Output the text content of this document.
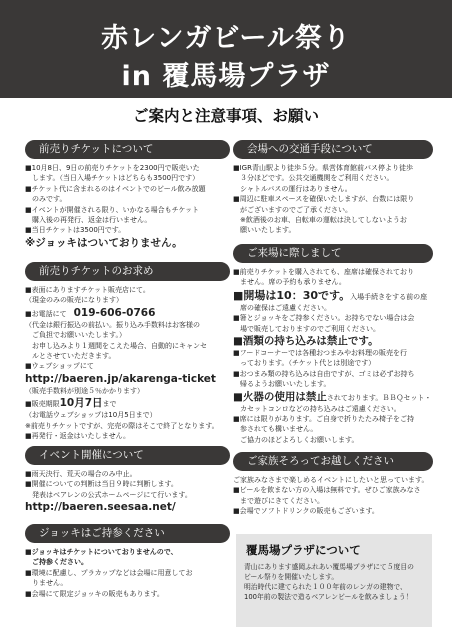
赤レンガビール祭り
in 覆馬場プラザ
ご案内と注意事項、お願い
前売りチケットについて
■10月8日、9日の前売りチケットを2300円で販売いた
　します。（当日入場チケットはどちらも3500円です）
■チケット代に含まれるのはイベントでのビール飲み放題
　のみです。
■イベントが開催される限り、いかなる場合もチケット
　購入後の再発行、返金は行いません。
■当日チケットは3500円です。
※ジョッキはついておりません。
前売りチケットのお求め
■表面にありますチケット販売店にて。
（現金のみの販売になります）
■お電話にて　 019-606-0766
（代金は銀行振込の前払い。振り込み手数料はお客様の
　ご負担でお願いいたします。）
　お申し込みより１週間をこえた場合、自動的にキャンセ
　ルとさせていただきます。
■ウェブショップにて
http://baeren.jp/akarenga-ticket
（販売手数料が別途５％かかります）
■販売期限10月7日まで
（お電話ウェブショップは10月5日まで）
※前売りチケットですが、完売の際はそこで終了となります。
■再発行・返金はいたしません。
イベント開催について
■雨天決行、荒天の場合のみ中止。
■開催についての判断は当日９時に判断します。
　発表はベアレンの公式ホームページにて行います。
http://baeren.seesaa.net/
ジョッキはご持参ください
■ジョッキはチケットについておりませんので、
　ご持参ください。
■環境に配慮し、プラカップなどは会場に用意してお
　りません。
■会場にて限定ジョッキの販売もあります。
会場への交通手段について
■IGR青山駅より徒歩５分。県営体育館前バス停より徒歩
　３分ほどです。公共交通機関をご利用ください。
　シャトルバスの運行はありません。
■周辺に駐車スペースを確保いたしますが、台数には限り
　がございますのでご了承ください。
　※飲酒後のお車、自転車の運転は決してしないようお
　願いいたします。
ご来場に際しまして
■前売りチケットを購入されても、座席は確保されており
　ません。席の予約も承りません。
■開場は10：30です。入場手続きをする前の座
　席の確保はご遠慮ください。
■箸とジョッキをご持参ください。お持ちでない場合は会
　場で販売しておりますのでご利用ください。
■酒類の持ち込みは禁止です。
■フードコーナーでは各種おつまみやお料理の販売を行
　っております。（チケット代とは別途です）
■おつまみ類の持ち込みは自由ですが、ゴミは必ずお持ち
　帰るようお願いいたします。
■火器の使用は禁止されております。ＢＢＱセット・
　カセットコンロなどの持ち込みはご遠慮ください。
■席には限りがあります。ご自身で折りたたみ椅子をご持
　参されても構いません。
　ご協力のほどよろしくお願いします。
ご家族そろってお越しください
ご家族みなさまで楽しめるイベントにしたいと思っています。
■ビールを飲まない方の入場は無料です。ぜひご家族みなさ
　まで遊びにきてください。
■会場でソフトドリンクの販売もございます。
覆馬場プラザについて
青山にあります盛岡ふれあい覆馬場プラザにて５度目の
ビール祭りを開催いたします。
明治時代に建てられた１００年前のレンガの建物で、
100年前の製法で造るベアレンビールを飲みましょう！
